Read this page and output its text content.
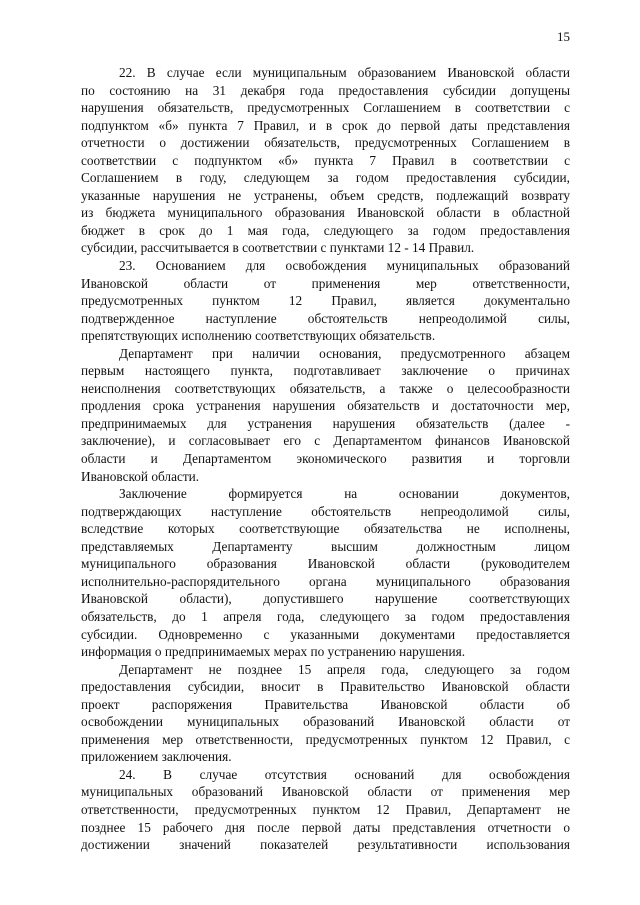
15
22. В случае если муниципальным образованием Ивановской области
по состоянию на 31 декабря года предоставления субсидии допущены
нарушения обязательств, предусмотренных Соглашением в соответствии с
подпунктом «б» пункта 7 Правил, и в срок до первой даты представления
отчетности о достижении обязательств, предусмотренных Соглашением в
соответствии с подпунктом «б» пункта 7 Правил в соответствии с
Соглашением в году, следующем за годом предоставления субсидии,
указанные нарушения не устранены, объем средств, подлежащий возврату
из бюджета муниципального образования Ивановской области в областной
бюджет в срок до 1 мая года, следующего за годом предоставления
субсидии, рассчитывается в соответствии с пунктами 12 - 14 Правил.
23. Основанием для освобождения муниципальных образований
Ивановской области от применения мер ответственности,
предусмотренных пунктом 12 Правил, является документально
подтвержденное наступление обстоятельств непреодолимой силы,
препятствующих исполнению соответствующих обязательств.
Департамент при наличии основания, предусмотренного абзацем
первым настоящего пункта, подготавливает заключение о причинах
неисполнения соответствующих обязательств, а также о целесообразности
продления срока устранения нарушения обязательств и достаточности мер,
предпринимаемых для устранения нарушения обязательств (далее -
заключение), и согласовывает его с Департаментом финансов Ивановской
области и Департаментом экономического развития и торговли
Ивановской области.
Заключение формируется на основании документов,
подтверждающих наступление обстоятельств непреодолимой силы,
вследствие которых соответствующие обязательства не исполнены,
представляемых Департаменту высшим должностным лицом
муниципального образования Ивановской области (руководителем
исполнительно-распорядительного органа муниципального образования
Ивановской области), допустившего нарушение соответствующих
обязательств, до 1 апреля года, следующего за годом предоставления
субсидии. Одновременно с указанными документами предоставляется
информация о предпринимаемых мерах по устранению нарушения.
Департамент не позднее 15 апреля года, следующего за годом
предоставления субсидии, вносит в Правительство Ивановской области
проект распоряжения Правительства Ивановской области об
освобождении муниципальных образований Ивановской области от
применения мер ответственности, предусмотренных пунктом 12 Правил, с
приложением заключения.
24. В случае отсутствия оснований для освобождения
муниципальных образований Ивановской области от применения мер
ответственности, предусмотренных пунктом 12 Правил, Департамент не
позднее 15 рабочего дня после первой даты представления отчетности о
достижении значений показателей результативности использования
